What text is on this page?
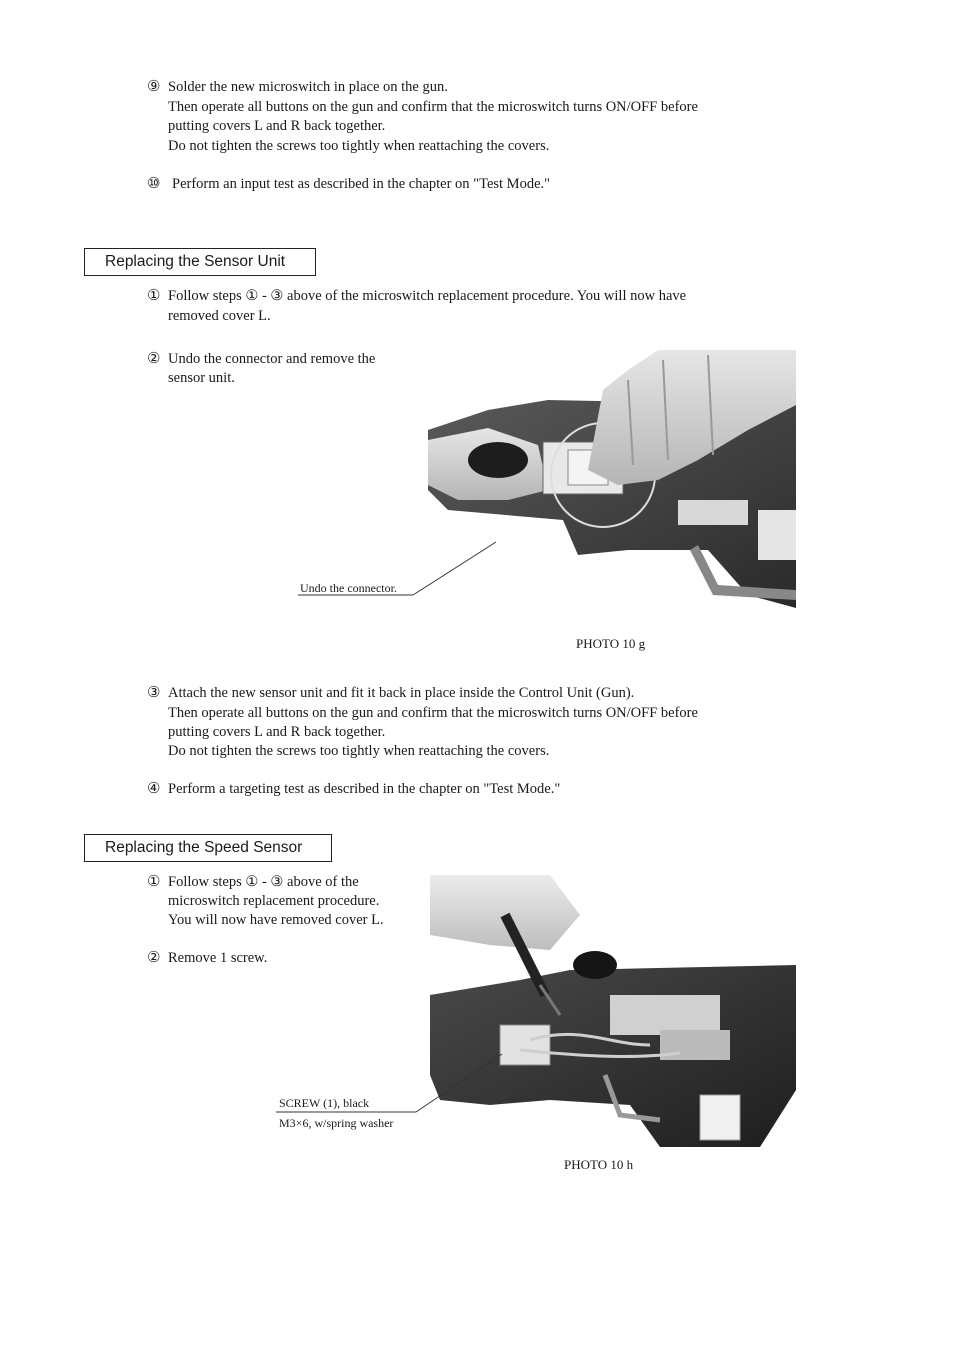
⑨ Solder the new microswitch in place on the gun.
Then operate all buttons on the gun and confirm that the microswitch turns ON/OFF before
putting covers L and R back together.
Do not tighten the screws too tightly when reattaching the covers.
⑩ Perform an input test as described in the chapter on "Test Mode."
Replacing the Sensor Unit
① Follow steps ① - ③ above of the microswitch replacement procedure. You will now have
removed cover L.
② Undo the connector and remove the
sensor unit.
Undo the connector.
PHOTO 10 g
③ Attach the new sensor unit and fit it back in place inside the Control Unit (Gun).
Then operate all buttons on the gun and confirm that the microswitch turns ON/OFF before
putting covers L and R back together.
Do not tighten the screws too tightly when reattaching the covers.
④ Perform a targeting test as described in the chapter on "Test Mode."
Replacing the Speed Sensor
① Follow steps ① - ③ above of the
microswitch replacement procedure.
You will now have removed cover L.
② Remove 1 screw.
SCREW (1), black
M3×6, w/spring washer
PHOTO 10 h
